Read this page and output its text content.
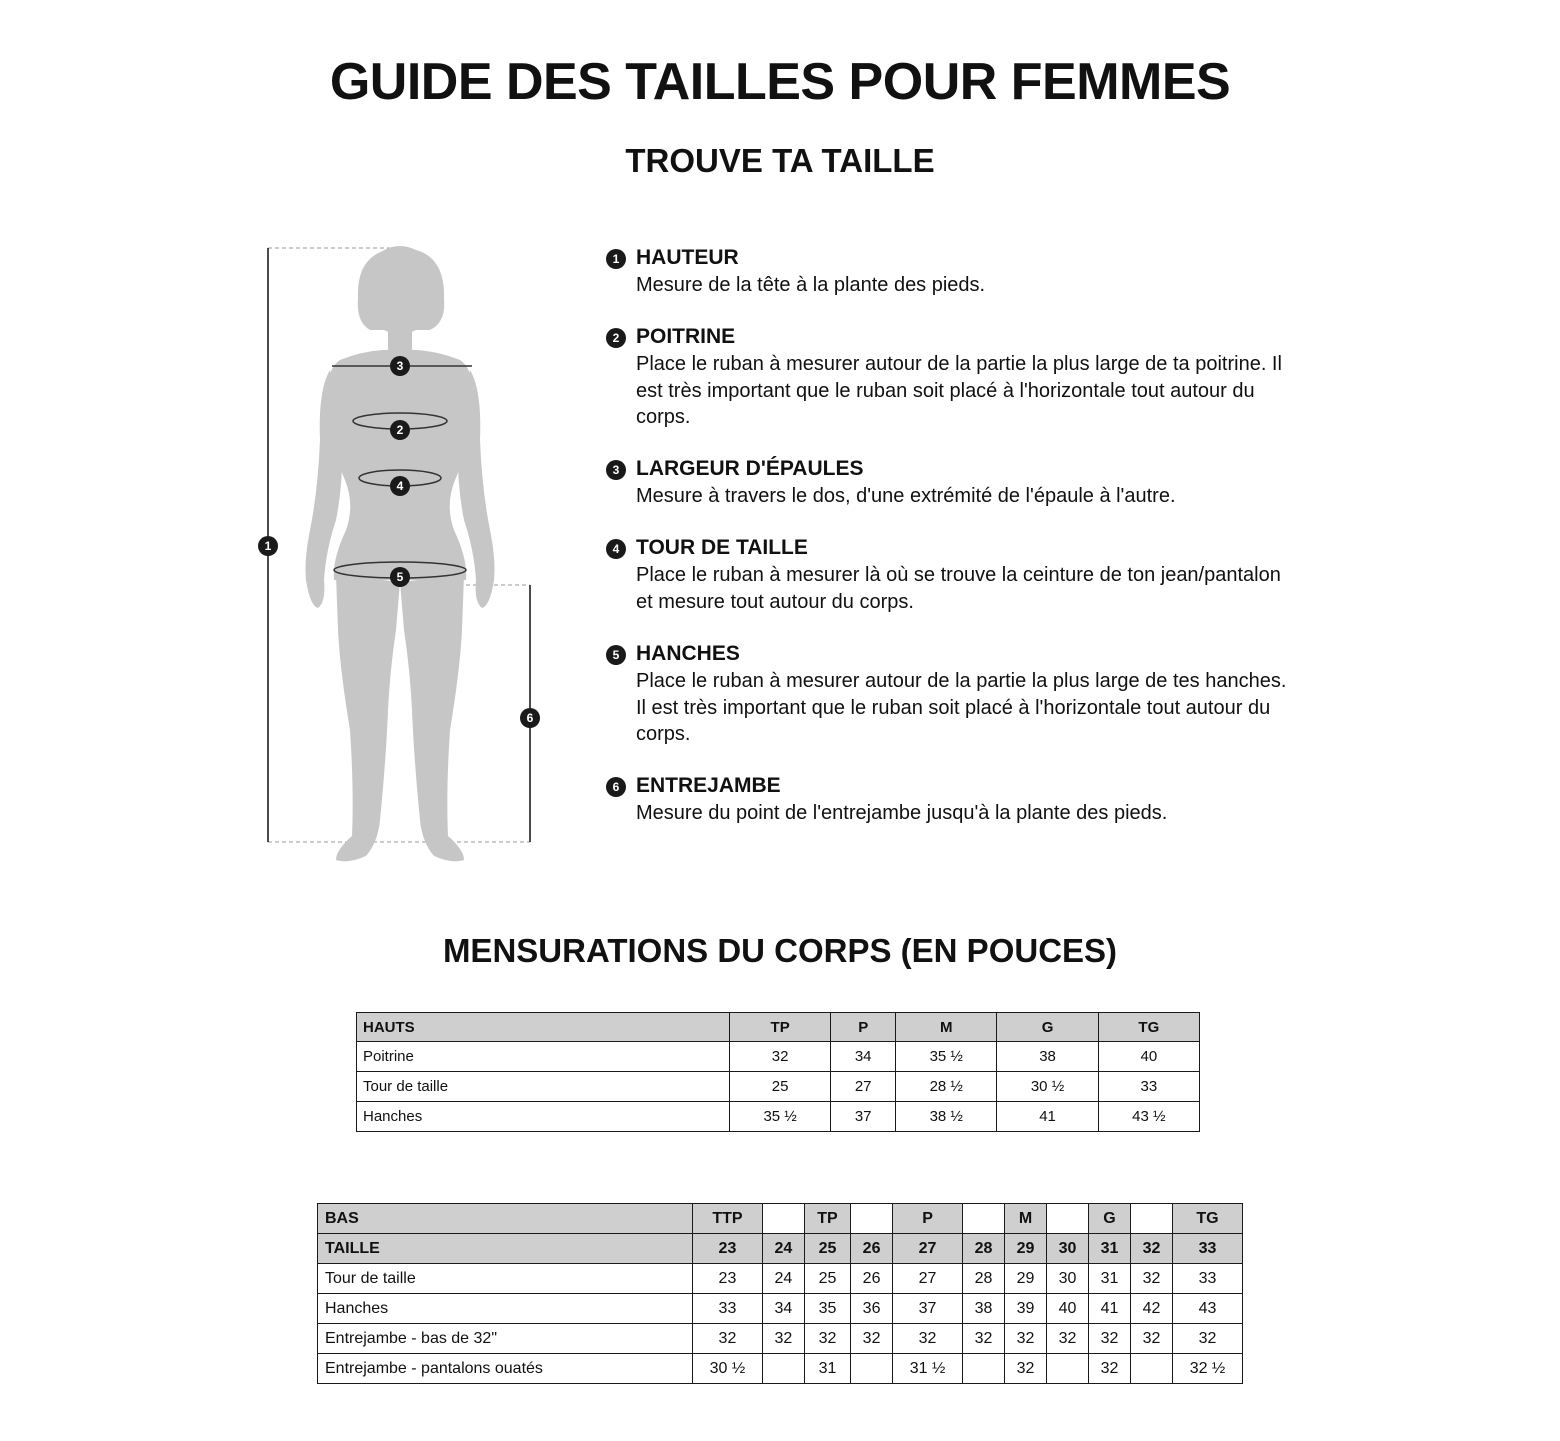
GUIDE DES TAILLES POUR FEMMES
TROUVE TA TAILLE
1
3
2
4
5
6
1 HAUTEUR

Mesure de la tête à la plante des pieds.

2 POITRINE

Place le ruban à mesurer autour de la partie la plus large de ta poitrine. Il est très important que le ruban soit placé à l'horizontale tout autour du corps.

3 LARGEUR D'ÉPAULES

Mesure à travers le dos, d'une extrémité de l'épaule à l'autre.

4 TOUR DE TAILLE

Place le ruban à mesurer là où se trouve la ceinture de ton jean/pantalon et mesure tout autour du corps.

5 HANCHES

Place le ruban à mesurer autour de la partie la plus large de tes hanches. Il est très important que le ruban soit placé à l'horizontale tout autour du corps.

6 ENTREJAMBE

Mesure du point de l'entrejambe jusqu'à la plante des pieds.

MENSURATIONS DU CORPS (EN POUCES)
HAUTS	TP	P	M	G	TG
Poitrine	32	34	35 ½	38	40
Tour de taille	25	27	28 ½	30 ½	33
Hanches	35 ½	37	38 ½	41	43 ½
BAS	TTP		TP		P		M		G		TG
TAILLE	23	24	25	26	27	28	29	30	31	32	33
Tour de taille	23	24	25	26	27	28	29	30	31	32	33
Hanches	33	34	35	36	37	38	39	40	41	42	43
Entrejambe - bas de 32"	32	32	32	32	32	32	32	32	32	32	32
Entrejambe - pantalons ouatés	30 ½		31		31 ½		32		32		32 ½
